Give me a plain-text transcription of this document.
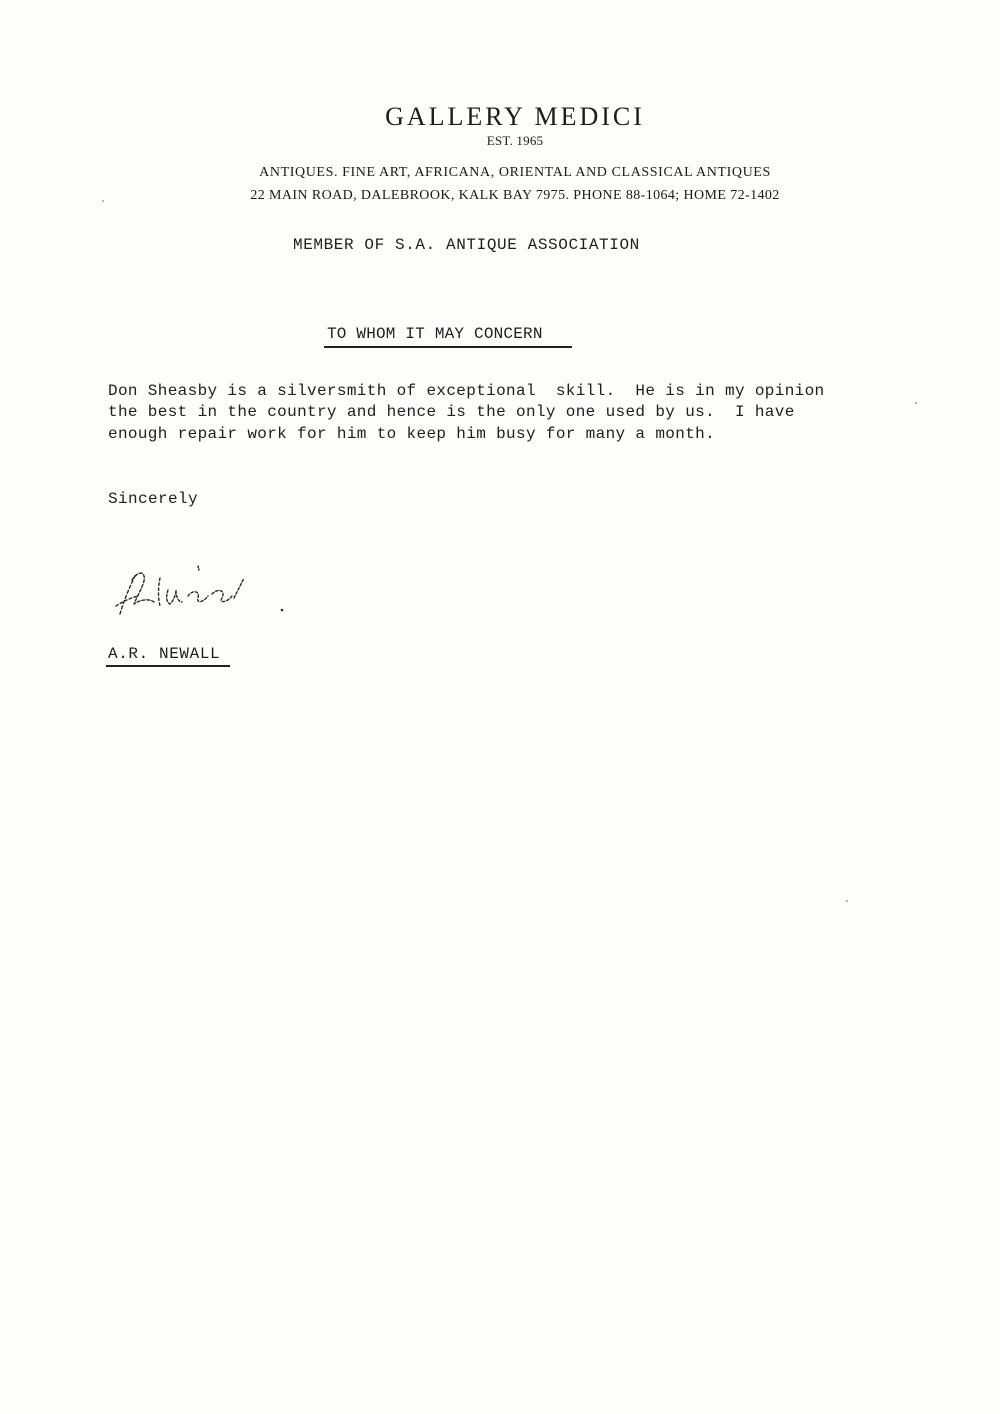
GALLERY MEDICI
EST. 1965
ANTIQUES. FINE ART, AFRICANA, ORIENTAL AND CLASSICAL ANTIQUES
22 MAIN ROAD, DALEBROOK, KALK BAY 7975. PHONE 88-1064; HOME 72-1402
MEMBER OF S.A. ANTIQUE ASSOCIATION
TO WHOM IT MAY CONCERN
Don Sheasby is a silversmith of exceptional  skill.  He is in my opinion
the best in the country and hence is the only one used by us.  I have
enough repair work for him to keep him busy for many a month.
Sincerely
A.R. NEWALL
